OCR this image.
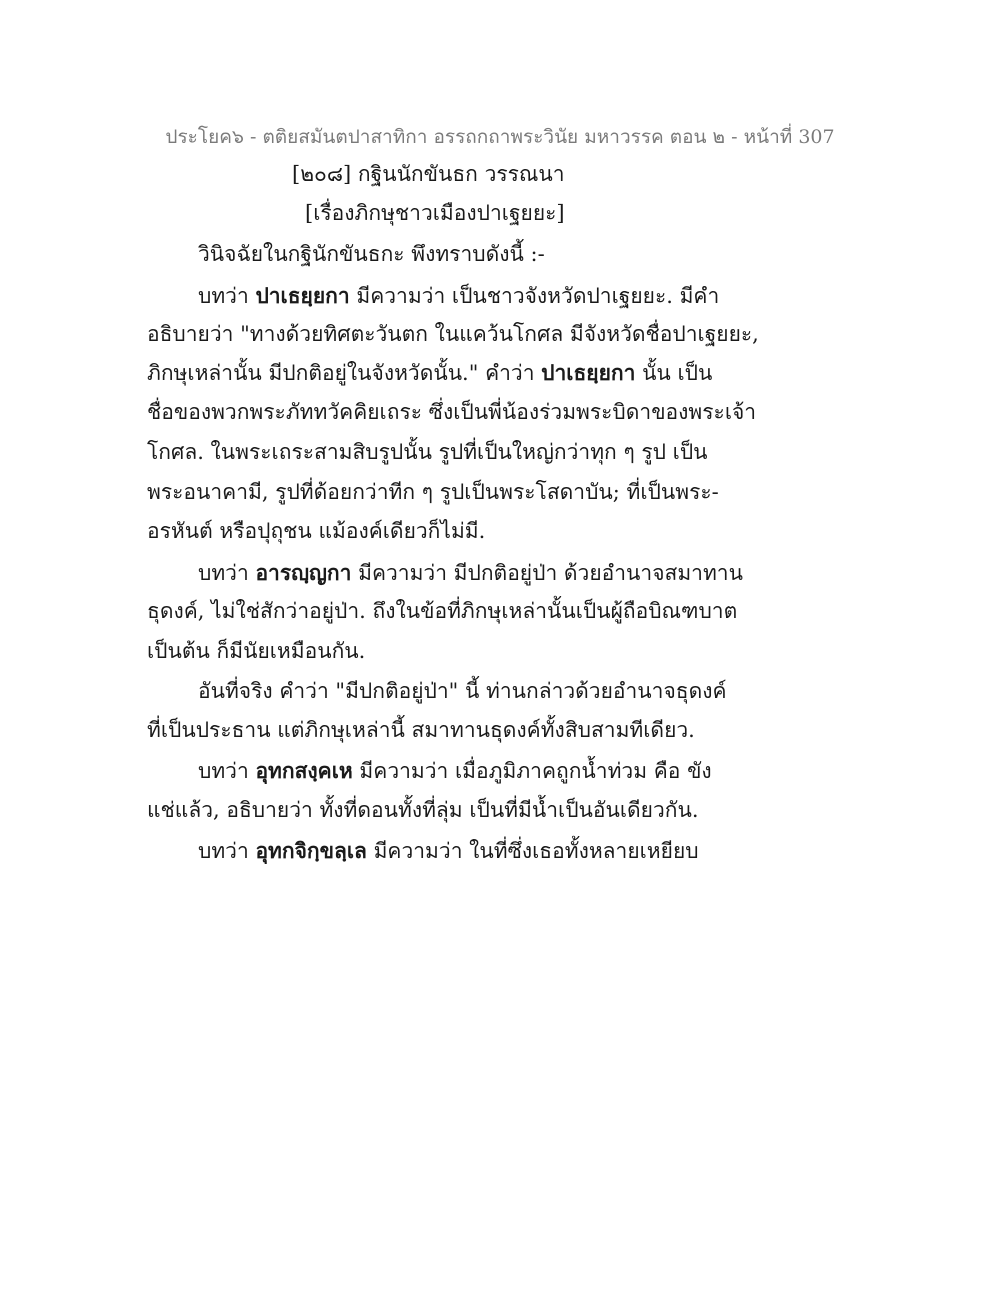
ประโยค๖ - ตติยสมันตปาสาทิกา อรรถกถาพระวินัย มหาวรรค ตอน ๒ - หน้าที่ 307
[๒๐๘] กฐินนักขันธก วรรณนา
[เรื่องภิกษุชาวเมืองปาเฐยยะ]
วินิจฉัยในกฐินักขันธกะ พึงทราบดังนี้ :-
บทว่า ปาเธยฺยกา มีความว่า เป็นชาวจังหวัดปาเฐยยะ. มีคำ
อธิบายว่า "ทางด้วยทิศตะวันตก ในแคว้นโกศล มีจังหวัดชื่อปาเฐยยะ,
ภิกษุเหล่านั้น มีปกติอยู่ในจังหวัดนั้น." คำว่า ปาเธยฺยกา นั้น เป็น
ชื่อของพวกพระภัททวัคคิยเถระ ซึ่งเป็นพี่น้องร่วมพระบิดาของพระเจ้า
โกศล. ในพระเถระสามสิบรูปนั้น รูปที่เป็นใหญ่กว่าทุก ๆ รูป เป็น
พระอนาคามี, รูปที่ด้อยกว่าทีก ๆ รูปเป็นพระโสดาบัน; ที่เป็นพระ-
อรหันต์ หรือปุถุชน แม้องค์เดียวก็ไม่มี.
บทว่า อารญฺญกา มีความว่า มีปกติอยู่ป่า ด้วยอำนาจสมาทาน
ธุดงค์, ไม่ใช่สักว่าอยู่ป่า. ถึงในข้อที่ภิกษุเหล่านั้นเป็นผู้ถือบิณฑบาต
เป็นต้น ก็มีนัยเหมือนกัน.
อันที่จริง คำว่า "มีปกติอยู่ป่า" นี้ ท่านกล่าวด้วยอำนาจธุดงค์
ที่เป็นประธาน แต่ภิกษุเหล่านี้ สมาทานธุดงค์ทั้งสิบสามทีเดียว.
บทว่า อุทกสงฺคเห มีความว่า เมื่อภูมิภาคถูกน้ำท่วม คือ ขัง
แช่แล้ว, อธิบายว่า ทั้งที่ดอนทั้งที่ลุ่ม เป็นที่มีน้ำเป็นอันเดียวกัน.
บทว่า อุทกจิกฺขลฺเล มีความว่า ในที่ซึ่งเธอทั้งหลายเหยียบ
